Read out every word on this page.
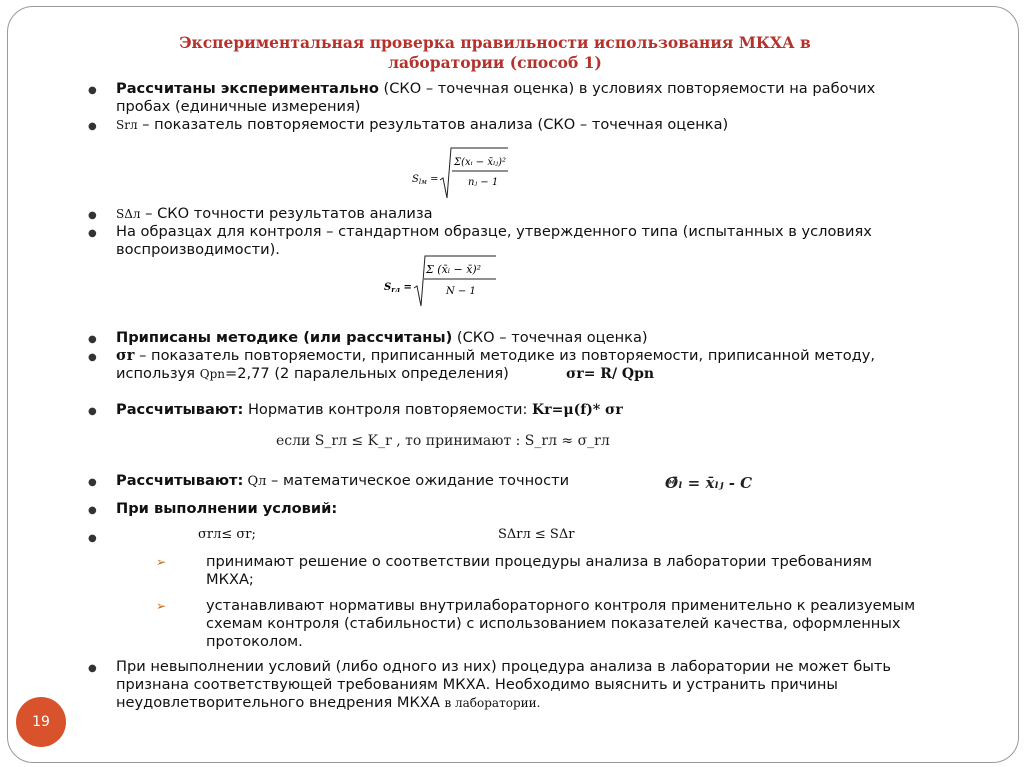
Экспериментальная проверка правильности использования МКХА в лаборатории (способ 1)
● Рассчитаны экспериментально (СКО – точечная оценка) в условиях повторяемости на рабочих
пробах (единичные измерения)
● Srл – показатель повторяемости результатов анализа (СКО – точечная оценка)
$S_{lм}$ =
Σ(xᵢ − x̄ₗⱼ)²
nⱼ − 1
● SΔл – СКО точности результатов анализа
● На образцах для контроля – стандартном образце, утвержденного типа (испытанных в условиях
воспроизводимости).
$S_{rл}$ =
Σ (x̄ᵢ − x̄)²
N − 1
● Приписаны методике (или рассчитаны) (СКО – точечная оценка)
● σr – показатель повторяемости, приписанный методике из повторяемости, приписанной методу,
используя Qpn=2,77 (2 паралельных определения)	σr= R/ Qpn
● Рассчитывают: Норматив контроля повторяемости: Kr=μ(f)* σr
если S_rл ≤ K_r , то принимают : S_rл ≈ σ_rл
● Рассчитывают: Qл – математическое ожидание точности	Θ̄ₗ = x̄ₗⱼ - C
● При выполнении условий:
●	σrл≤ σr;	SΔrл ≤ SΔr
➢	принимают решение о соответствии процедуры анализа в лаборатории требованиям
МКХА;
➢	устанавливают нормативы внутрилабораторного контроля применительно к реализуемым
схемам контроля (стабильности) с использованием показателей качества, оформленных
протоколом.
● При невыполнении условий (либо одного из них) процедура анализа в лаборатории не может быть
признана соответствующей требованиям МКХА. Необходимо выяснить и устранить причины
неудовлетворительного внедрения МКХА в лаборатории.
19
